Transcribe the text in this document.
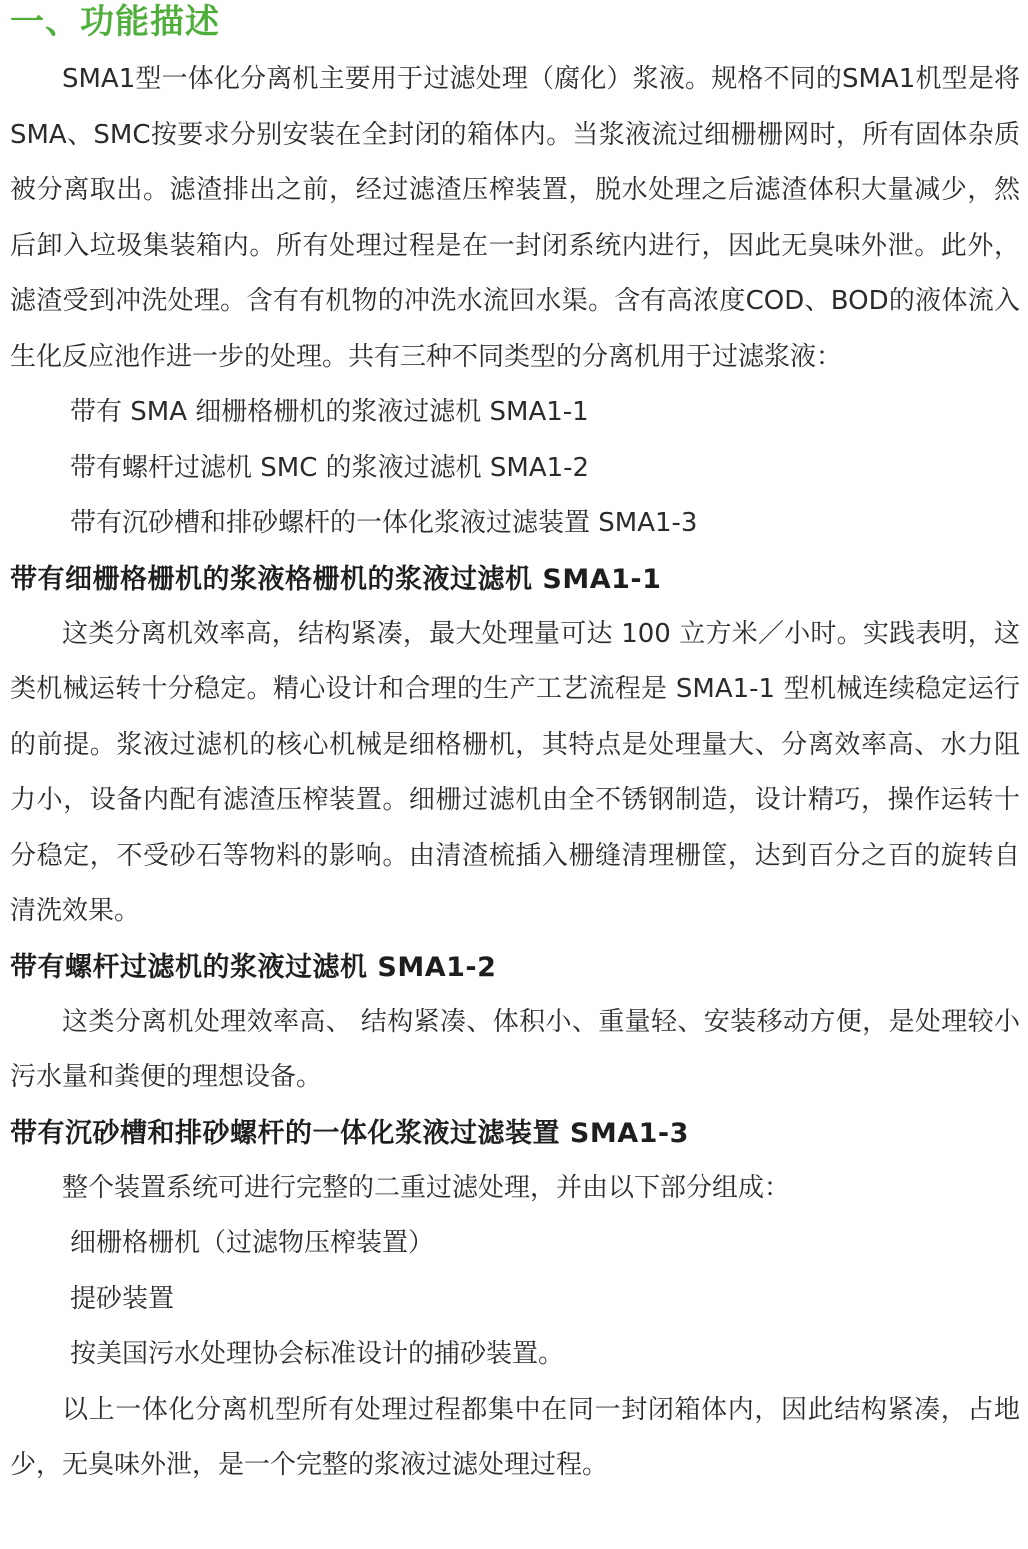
一、功能描述

SMA1型一体化分离机主要用于过滤处理（腐化）浆液。规格不同的SMA1机型是将SMA、SMC按要求分别安装在全封闭的箱体内。当浆液流过细栅栅网时，所有固体杂质被分离取出。滤渣排出之前，经过滤渣压榨装置，脱水处理之后滤渣体积大量减少，然后卸入垃圾集装箱内。所有处理过程是在一封闭系统内进行，因此无臭味外泄。此外，滤渣受到冲洗处理。含有有机物的冲洗水流回水渠。含有高浓度COD、BOD的液体流入生化反应池作进一步的处理。共有三种不同类型的分离机用于过滤浆液：

带有 SMA 细栅格栅机的浆液过滤机 SMA1-1

带有螺杆过滤机 SMC 的浆液过滤机 SMA1-2

带有沉砂槽和排砂螺杆的一体化浆液过滤装置 SMA1-3

带有细栅格栅机的浆液格栅机的浆液过滤机 SMA1-1

这类分离机效率高，结构紧凑，最大处理量可达 100 立方米／小时。实践表明，这类机械运转十分稳定。精心设计和合理的生产工艺流程是 SMA1-1 型机械连续稳定运行的前提。浆液过滤机的核心机械是细格栅机，其特点是处理量大、分离效率高、水力阻力小，设备内配有滤渣压榨装置。细栅过滤机由全不锈钢制造，设计精巧，操作运转十分稳定，不受砂石等物料的影响。由清渣梳插入栅缝清理栅筐，达到百分之百的旋转自清洗效果。

带有螺杆过滤机的浆液过滤机 SMA1-2

这类分离机处理效率高、 结构紧凑、体积小、重量轻、安装移动方便，是处理较小污水量和粪便的理想设备。

带有沉砂槽和排砂螺杆的一体化浆液过滤装置 SMA1-3

整个装置系统可进行完整的二重过滤处理，并由以下部分组成：

细栅格栅机（过滤物压榨装置）

提砂装置

按美国污水处理协会标准设计的捕砂装置。

以上一体化分离机型所有处理过程都集中在同一封闭箱体内，因此结构紧凑，占地少，无臭味外泄，是一个完整的浆液过滤处理过程。
